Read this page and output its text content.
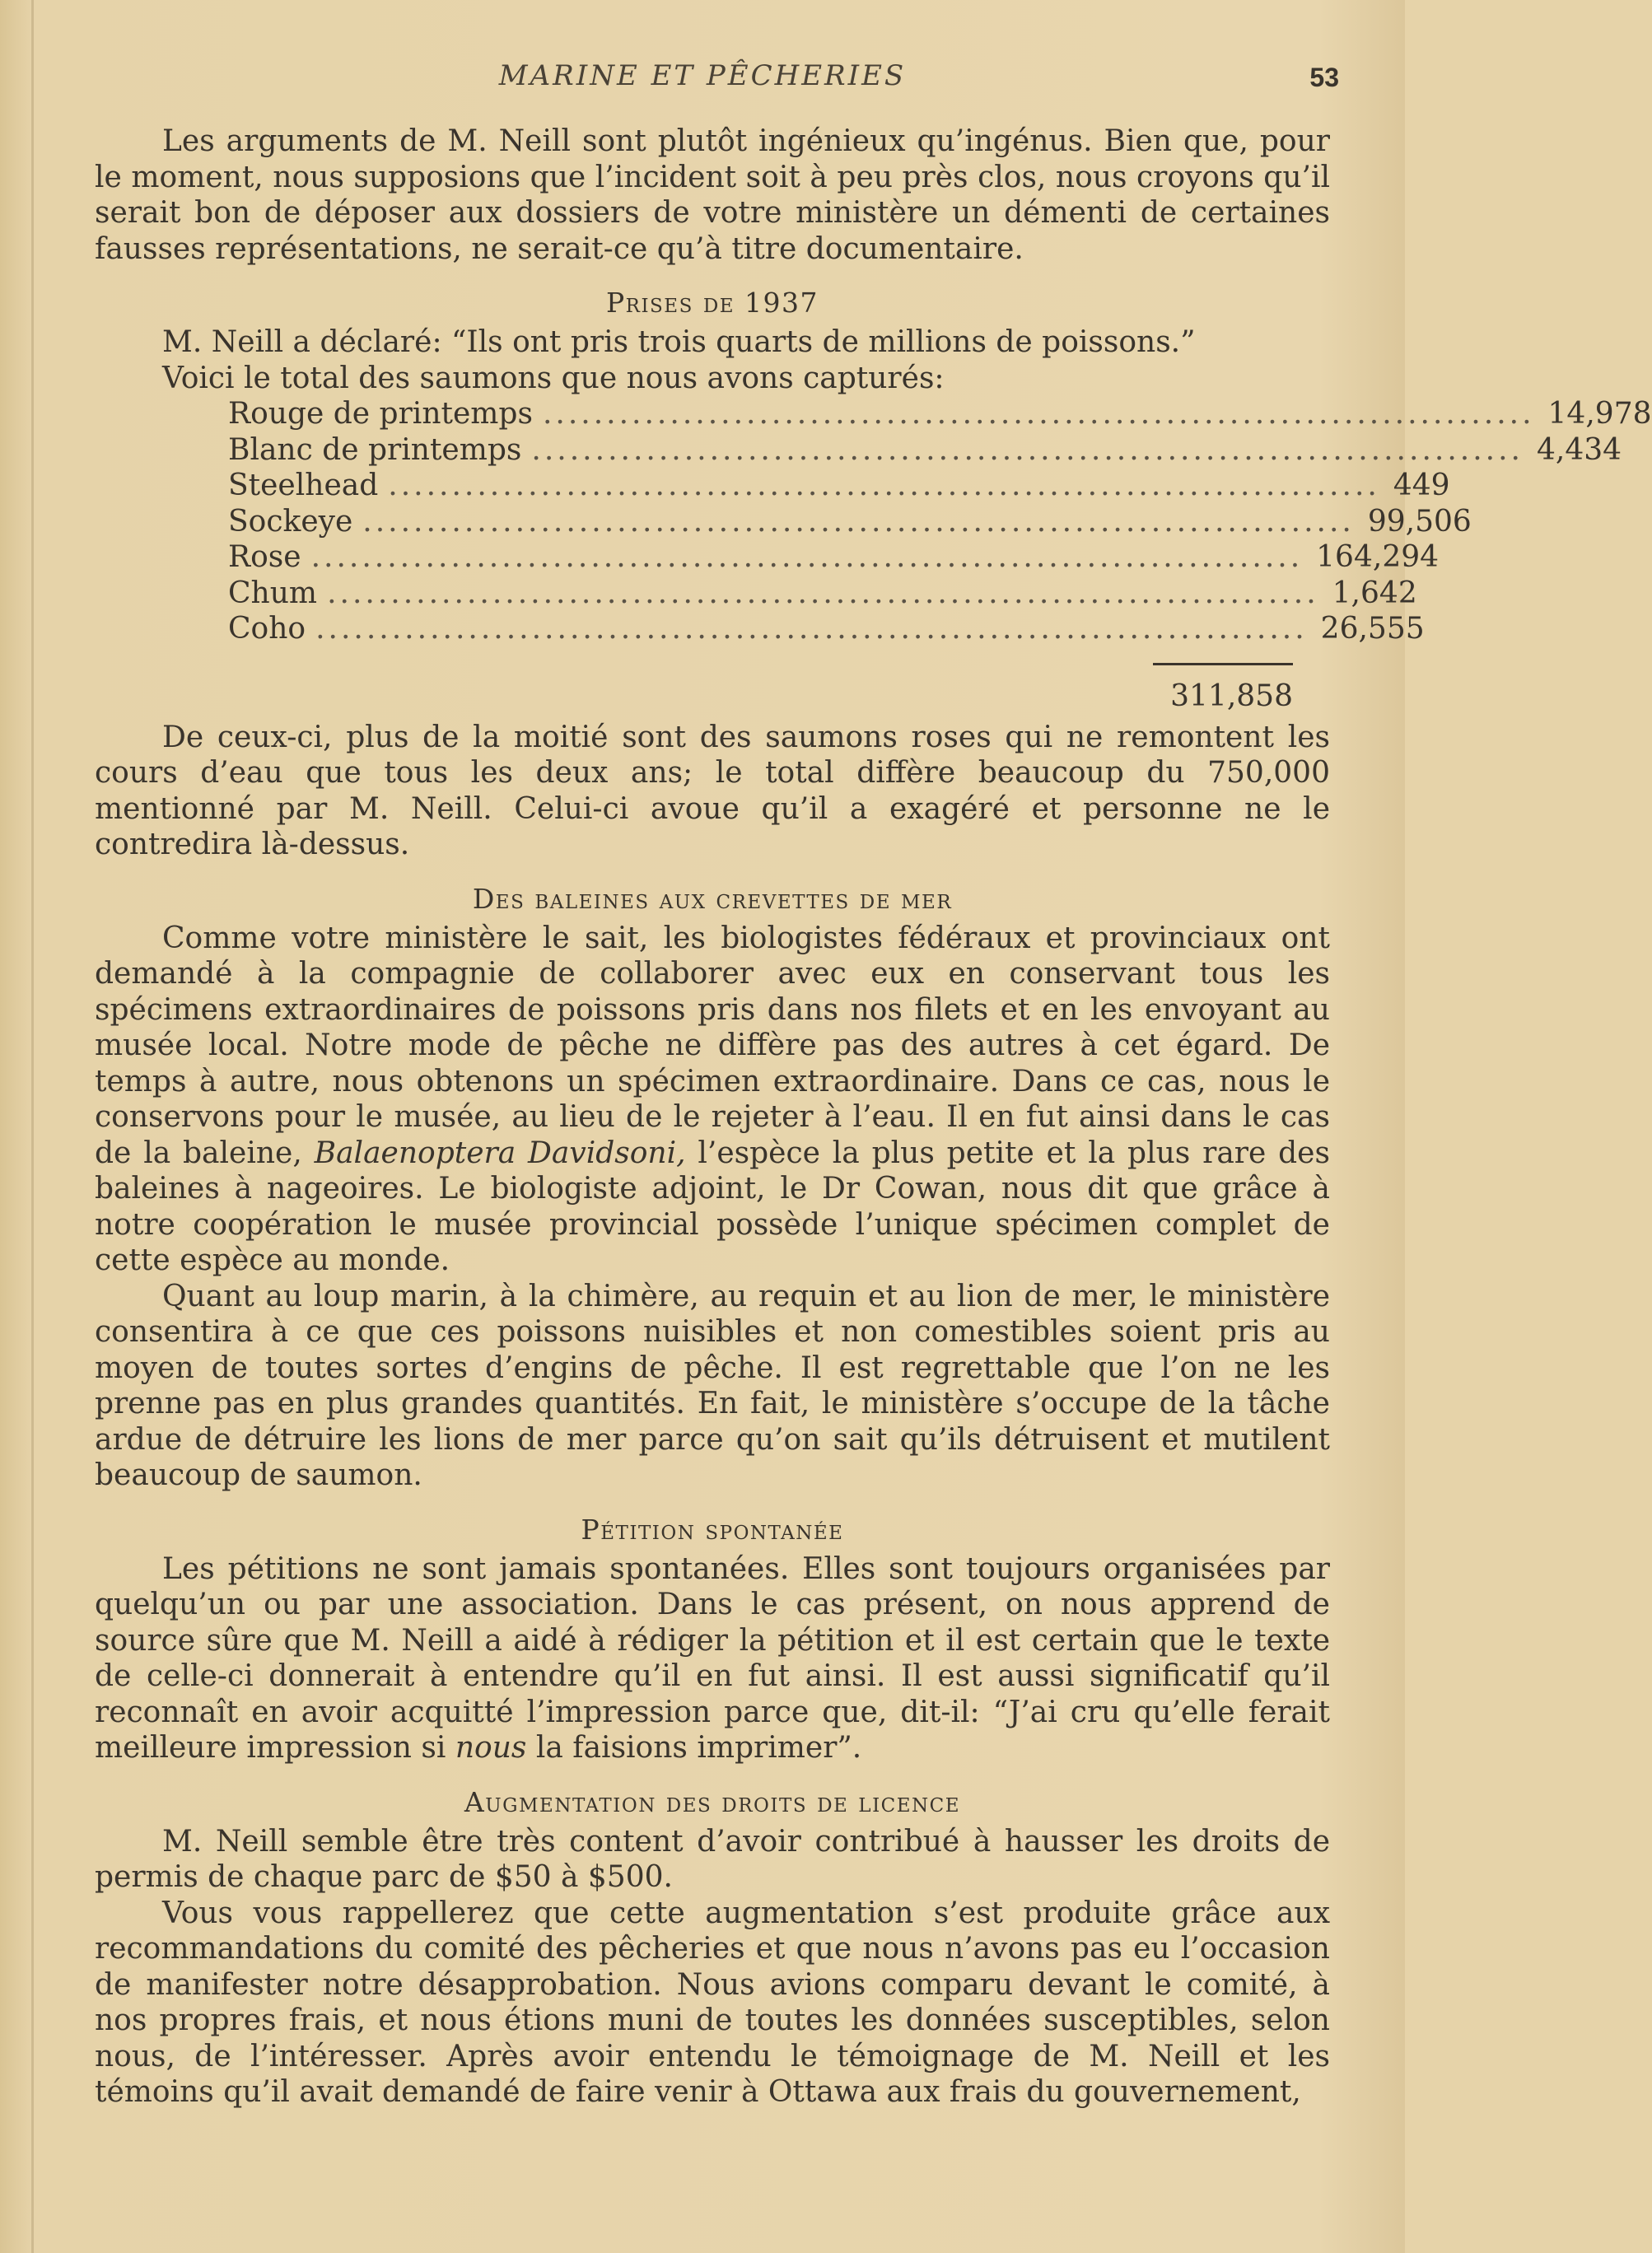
MARINE ET PÊCHERIES	53

Les arguments de M. Neill sont plutôt ingénieux qu’ingénus. Bien que, pour le moment, nous supposions que l’incident soit à peu près clos, nous croyons qu’il serait bon de déposer aux dossiers de votre ministère un démenti de certaines fausses représentations, ne serait-ce qu’à titre documentaire.

Prises de 1937

M. Neill a déclaré: “Ils ont pris trois quarts de millions de poissons.”

Voici le total des saumons que nous avons capturés:

Rouge de printemps .............................................................................. 14,978
Blanc de printemps .............................................................................. 4,434
Steelhead .............................................................................. 449
Sockeye .............................................................................. 99,506
Rose .............................................................................. 164,294
Chum .............................................................................. 1,642
Coho .............................................................................. 26,555
311,858

De ceux-ci, plus de la moitié sont des saumons roses qui ne remontent les cours d’eau que tous les deux ans; le total diffère beaucoup du 750,000 mentionné par M. Neill. Celui-ci avoue qu’il a exagéré et personne ne le contredira là-dessus.

Des baleines aux crevettes de mer

Comme votre ministère le sait, les biologistes fédéraux et provinciaux ont demandé à la compagnie de collaborer avec eux en conservant tous les spécimens extraordinaires de poissons pris dans nos filets et en les envoyant au musée local. Notre mode de pêche ne diffère pas des autres à cet égard. De temps à autre, nous obtenons un spécimen extraordinaire. Dans ce cas, nous le conservons pour le musée, au lieu de le rejeter à l’eau. Il en fut ainsi dans le cas de la baleine, Balaenoptera Davidsoni, l’espèce la plus petite et la plus rare des baleines à nageoires. Le biologiste adjoint, le Dr Cowan, nous dit que grâce à notre coopération le musée provincial possède l’unique spécimen complet de cette espèce au monde.

Quant au loup marin, à la chimère, au requin et au lion de mer, le ministère consentira à ce que ces poissons nuisibles et non comestibles soient pris au moyen de toutes sortes d’engins de pêche. Il est regrettable que l’on ne les prenne pas en plus grandes quantités. En fait, le ministère s’occupe de la tâche ardue de détruire les lions de mer parce qu’on sait qu’ils détruisent et mutilent beaucoup de saumon.

Pétition spontanée

Les pétitions ne sont jamais spontanées. Elles sont toujours organisées par quelqu’un ou par une association. Dans le cas présent, on nous apprend de source sûre que M. Neill a aidé à rédiger la pétition et il est certain que le texte de celle-ci donnerait à entendre qu’il en fut ainsi. Il est aussi significatif qu’il reconnaît en avoir acquitté l’impression parce que, dit-il: “J’ai cru qu’elle ferait meilleure impression si nous la faisions imprimer”.

Augmentation des droits de licence

M. Neill semble être très content d’avoir contribué à hausser les droits de permis de chaque parc de $50 à $500.

Vous vous rappellerez que cette augmentation s’est produite grâce aux recommandations du comité des pêcheries et que nous n’avons pas eu l’occasion de manifester notre désapprobation. Nous avions comparu devant le comité, à nos propres frais, et nous étions muni de toutes les données susceptibles, selon nous, de l’intéresser. Après avoir entendu le témoignage de M. Neill et les témoins qu’il avait demandé de faire venir à Ottawa aux frais du gouvernement,
